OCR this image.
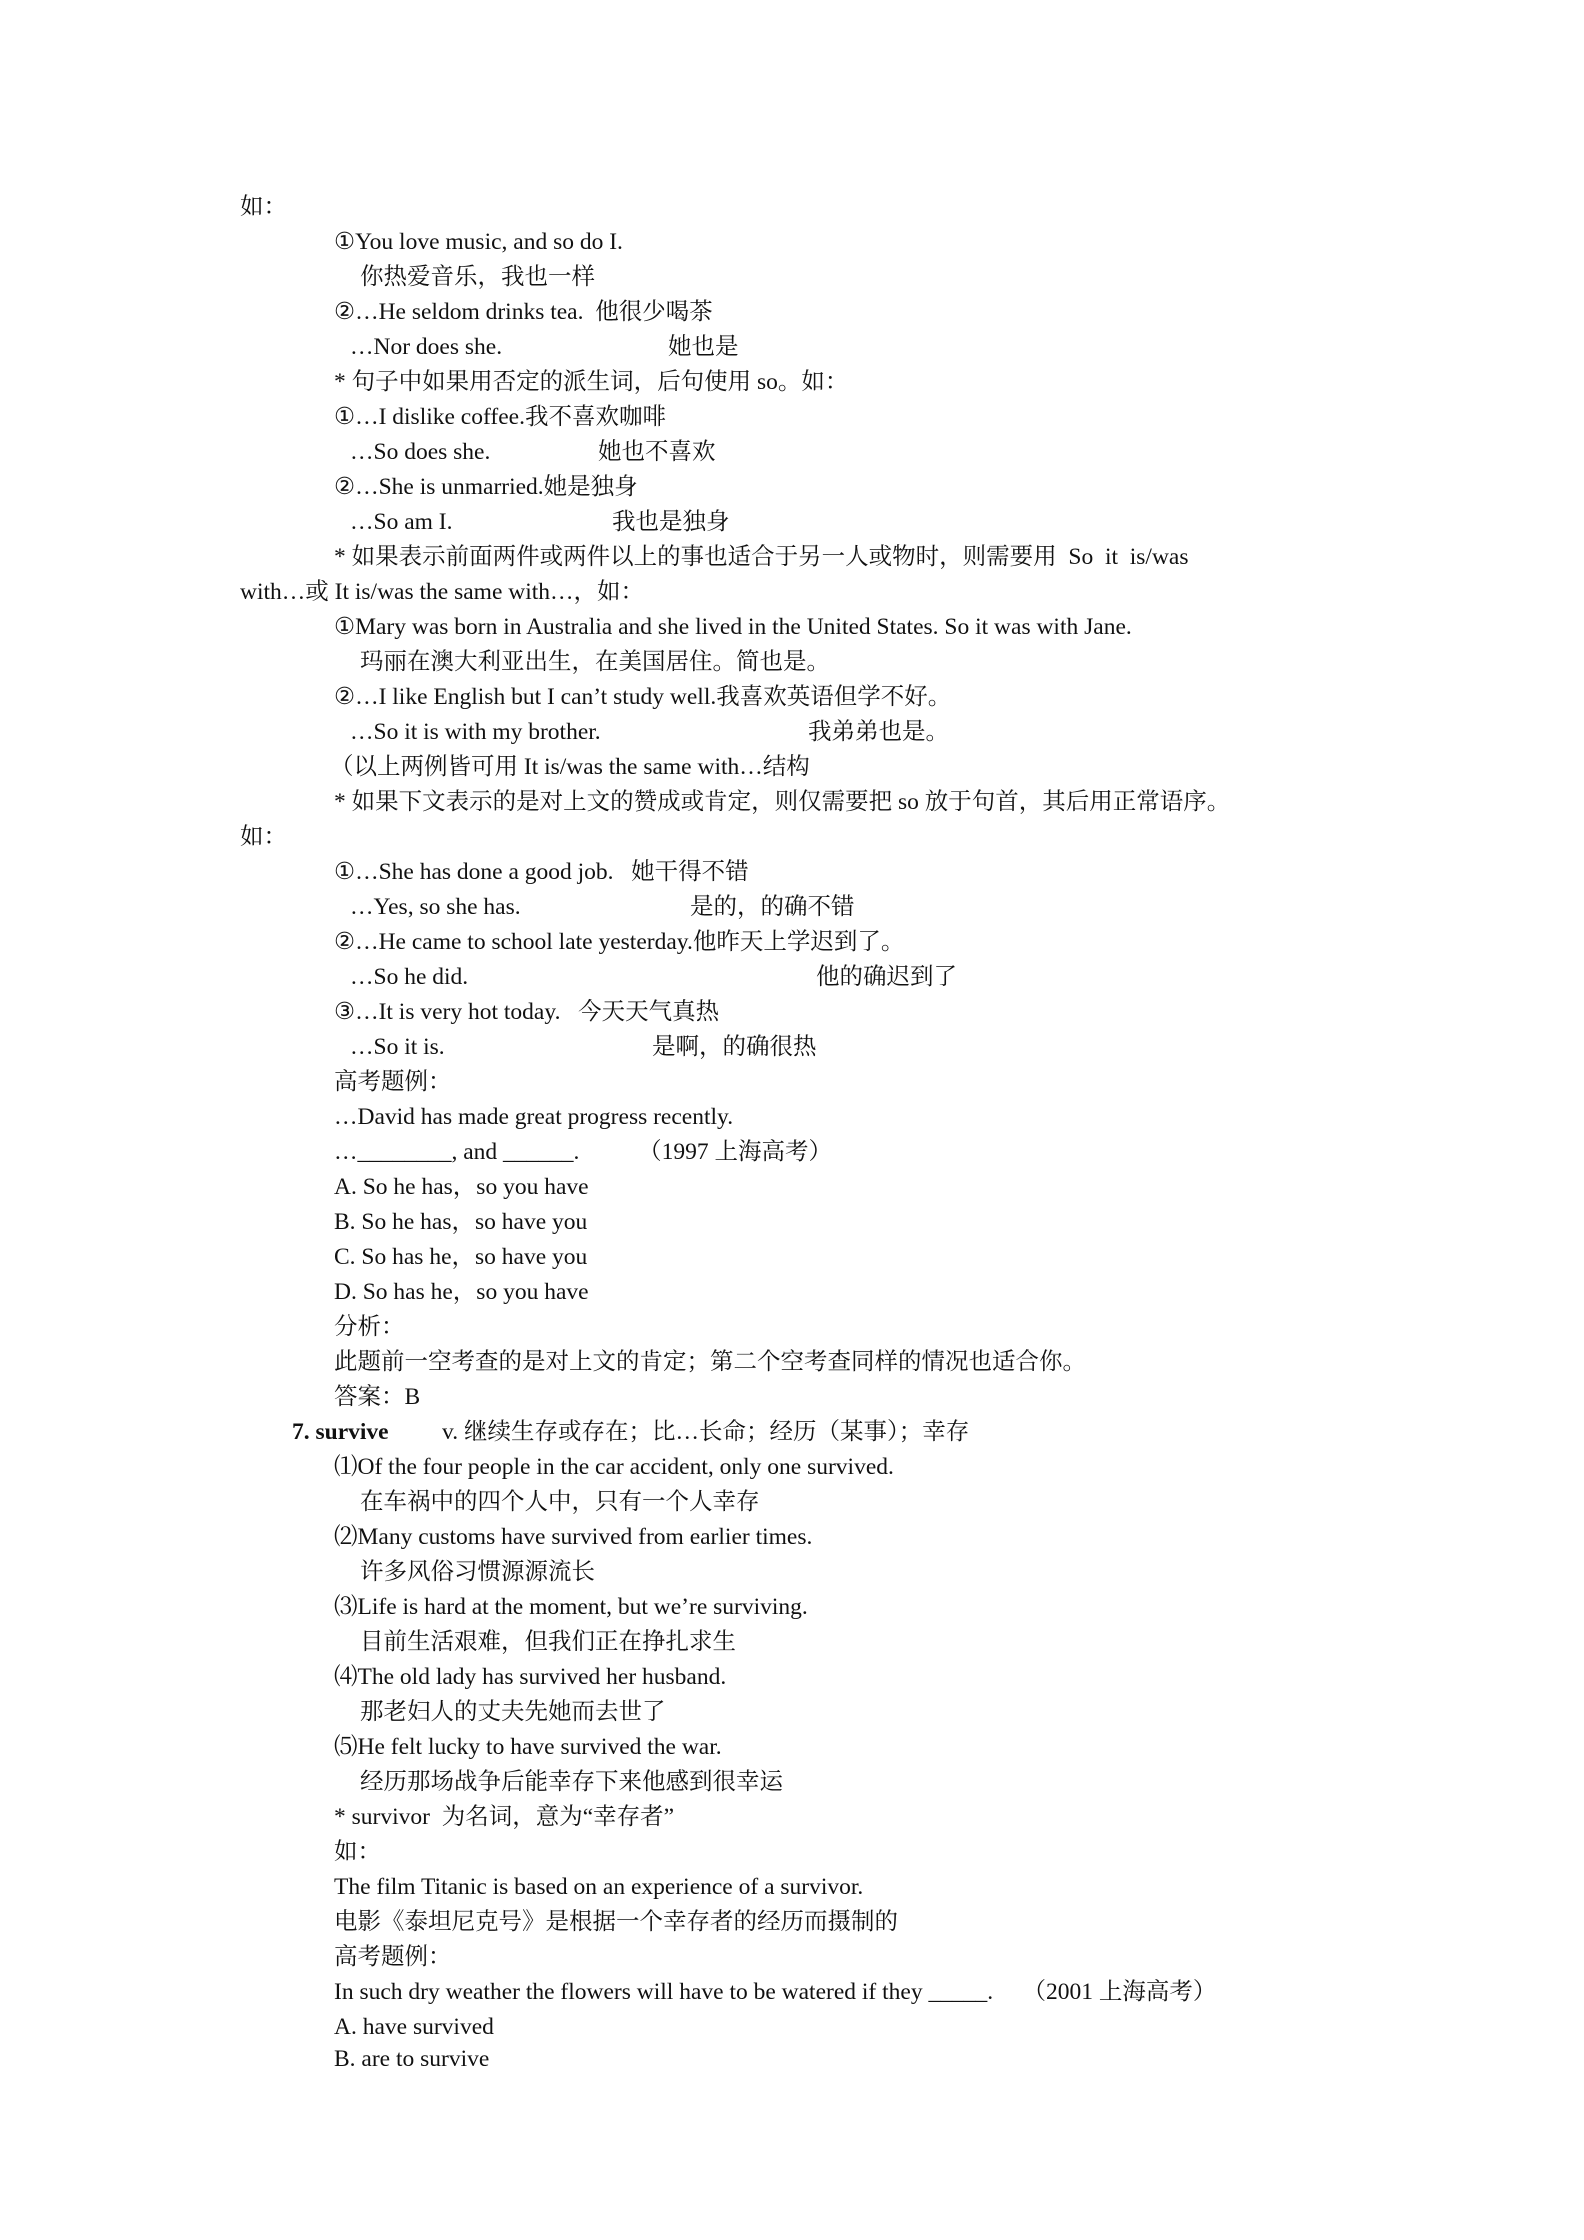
如：
①You love music, and so do I.
你热爱音乐，我也一样
②…He seldom drinks tea.  他很少喝茶
…Nor does she.	她也是
* 句子中如果用否定的派生词，后句使用 so。如：
①…I dislike coffee.我不喜欢咖啡
…So does she.	她也不喜欢
②…She is unmarried.她是独身
…So am I.	我也是独身
* 如果表示前面两件或两件以上的事也适合于另一人或物时，则需要用  So  it  is/was
with…或 It is/was the same with…，如：
①Mary was born in Australia and she lived in the United States. So it was with Jane.
玛丽在澳大利亚出生，在美国居住。简也是。
②…I like English but I can’t study well.我喜欢英语但学不好。
…So it is with my brother.	我弟弟也是。
（以上两例皆可用 It is/was the same with…结构
* 如果下文表示的是对上文的赞成或肯定，则仅需要把 so 放于句首，其后用正常语序。
如：
①…She has done a good job.   她干得不错
…Yes, so she has.	是的，的确不错
②…He came to school late yesterday.他昨天上学迟到了。
…So he did.	他的确迟到了
③…It is very hot today.   今天天气真热
…So it is.	是啊，的确很热
高考题例：
…David has made great progress recently.
…________, and ______.          （1997 上海高考）
A. So he has，so you have
B. So he has，so have you
C. So has he，so have you
D. So has he，so you have
分析：
此题前一空考查的是对上文的肯定；第二个空考查同样的情况也适合你。
答案：B
7. survive v. 继续生存或存在；比…长命；经历（某事）；幸存
⑴Of the four people in the car accident, only one survived.
在车祸中的四个人中，只有一个人幸存
⑵Many customs have survived from earlier times.
许多风俗习惯源源流长
⑶Life is hard at the moment, but we’re surviving.
目前生活艰难，但我们正在挣扎求生
⑷The old lady has survived her husband.
那老妇人的丈夫先她而去世了
⑸He felt lucky to have survived the war.
经历那场战争后能幸存下来他感到很幸运
* survivor  为名词，意为“幸存者”
如：
The film Titanic is based on an experience of a survivor.
电影《泰坦尼克号》是根据一个幸存者的经历而摄制的
高考题例：
In such dry weather the flowers will have to be watered if they _____.     （2001 上海高考）
A. have survived
B. are to survive
